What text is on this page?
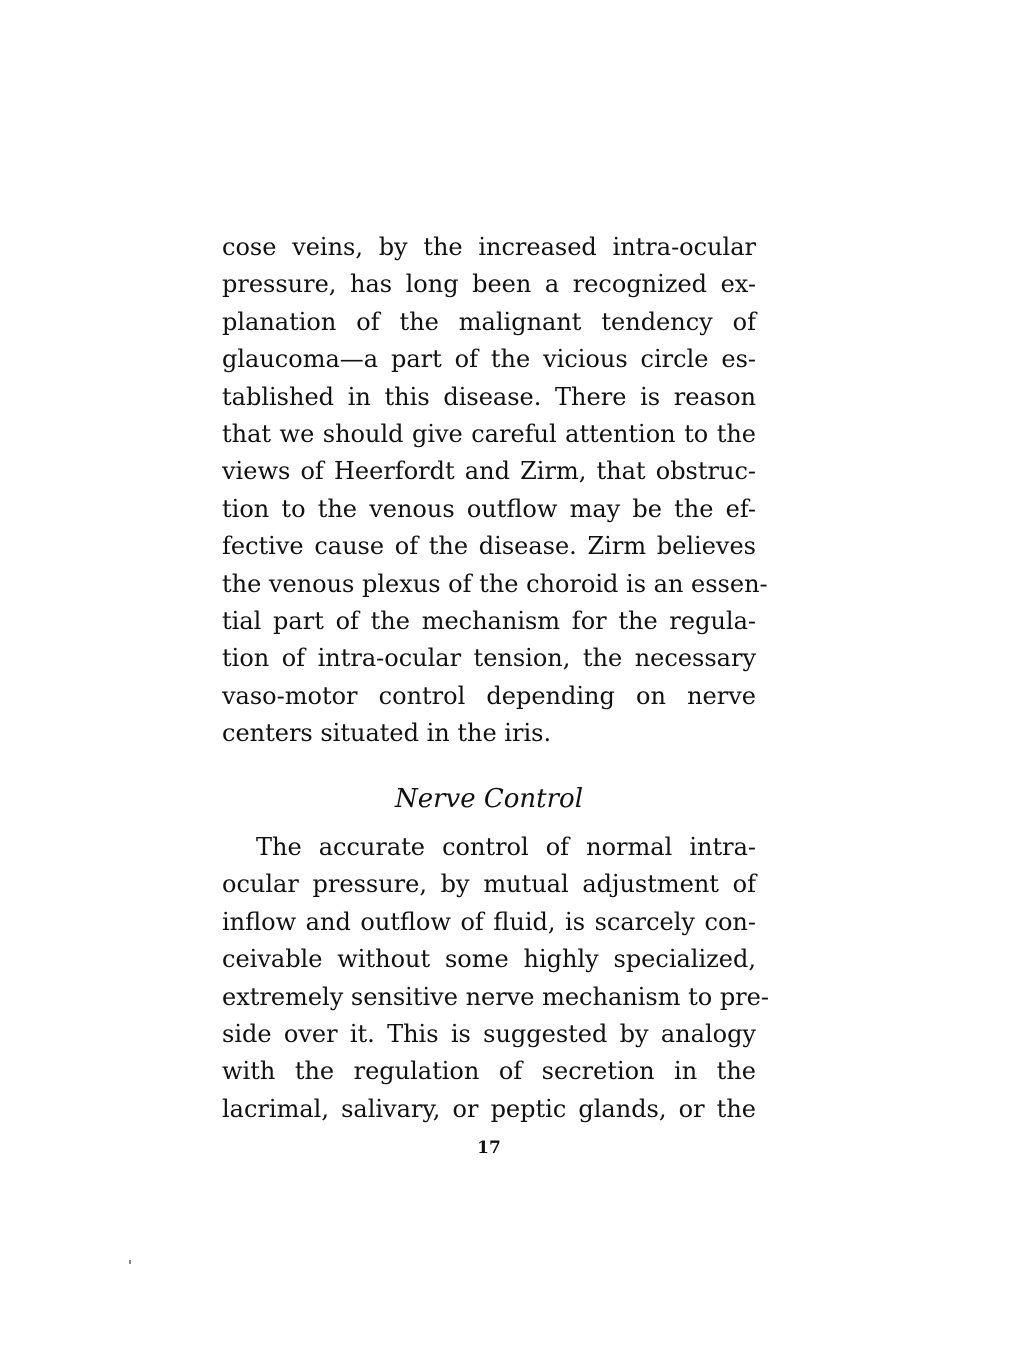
cose veins, by the increased intra-ocular
pressure, has long been a recognized ex-
planation of the malignant tendency of
glaucoma—a part of the vicious circle es-
tablished in this disease. There is reason
that we should give careful attention to the
views of Heerfordt and Zirm, that obstruc-
tion to the venous outflow may be the ef-
fective cause of the disease. Zirm believes
the venous plexus of the choroid is an essen-
tial part of the mechanism for the regula-
tion of intra-ocular tension, the necessary
vaso-motor control depending on nerve
centers situated in the iris.
Nerve Control
The accurate control of normal intra-
ocular pressure, by mutual adjustment of
inflow and outflow of fluid, is scarcely con-
ceivable without some highly specialized,
extremely sensitive nerve mechanism to pre-
side over it. This is suggested by analogy
with the regulation of secretion in the
lacrimal, salivary, or peptic glands, or the
17
